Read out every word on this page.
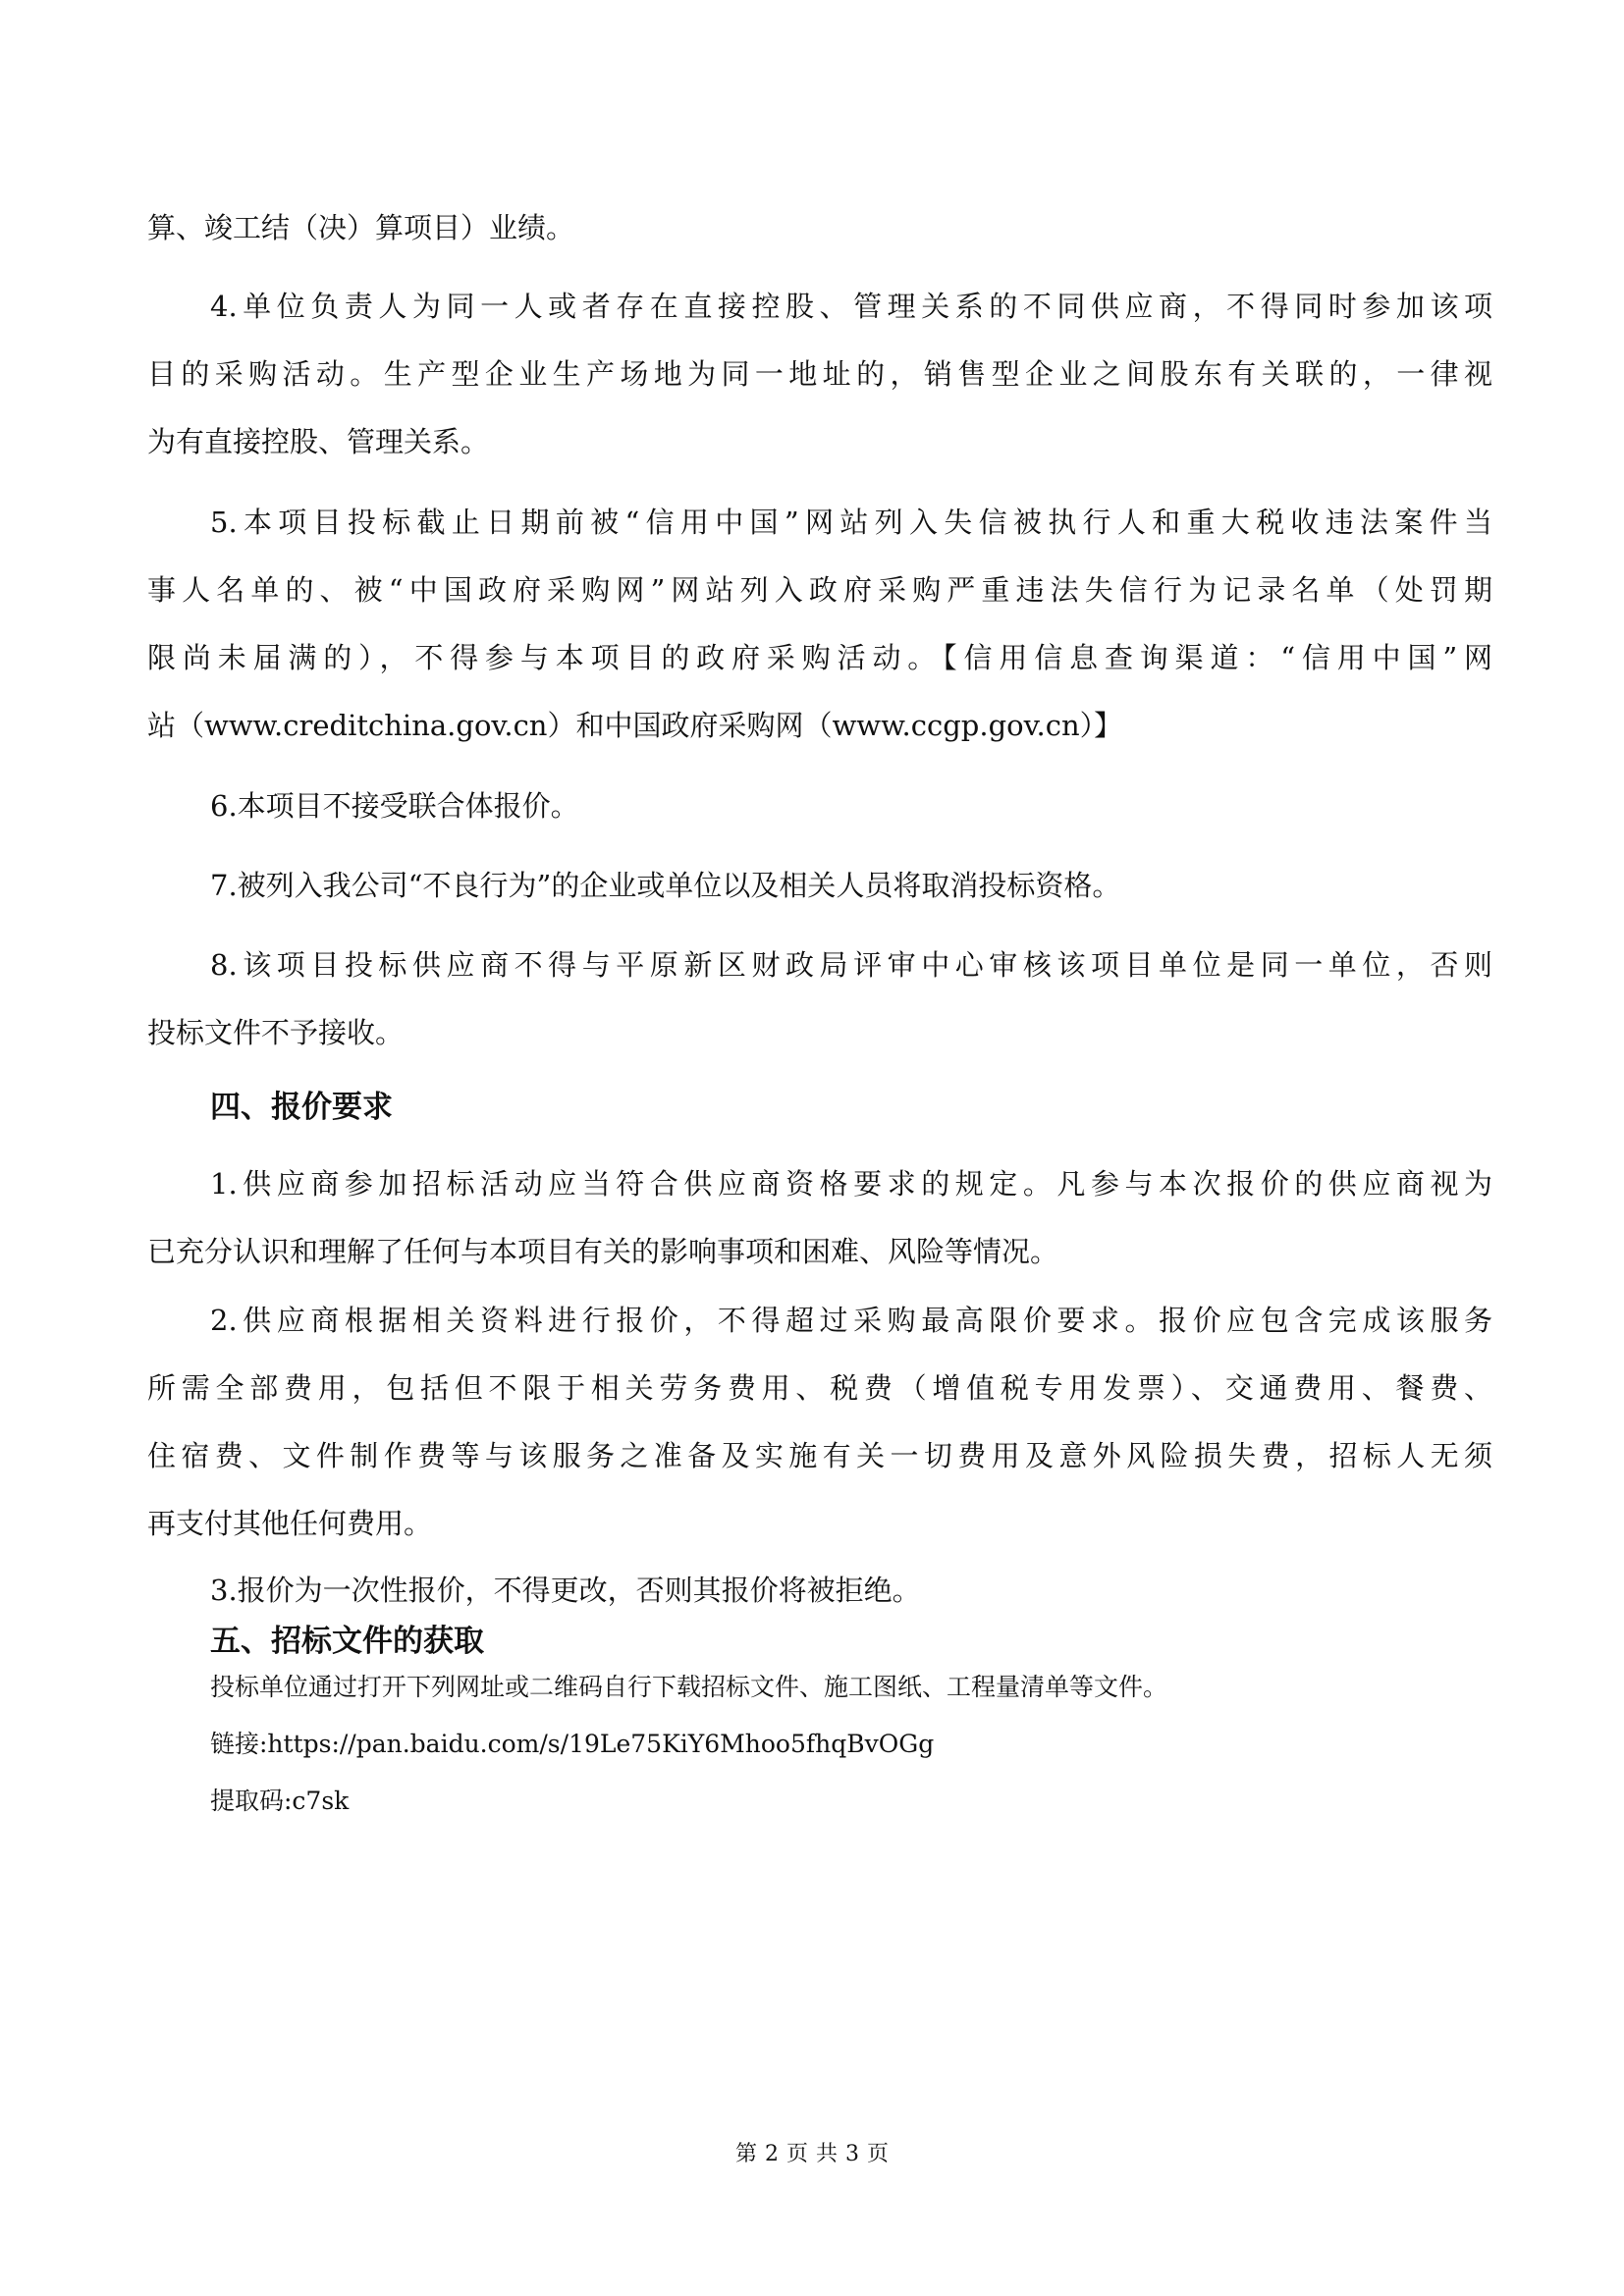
算、竣工结（决）算项目）业绩。
4.单位负责人为同一人或者存在直接控股、管理关系的不同供应商，不得同时参加该项
目的采购活动。生产型企业生产场地为同一地址的，销售型企业之间股东有关联的，一律视
为有直接控股、管理关系。
5.本项目投标截止日期前被“信用中国”网站列入失信被执行人和重大税收违法案件当
事人名单的、被“中国政府采购网”网站列入政府采购严重违法失信行为记录名单（处罚期
限尚未届满的），不得参与本项目的政府采购活动。【信用信息查询渠道：“信用中国”网
站（www.creditchina.gov.cn）和中国政府采购网（www.ccgp.gov.cn）】
6.本项目不接受联合体报价。
7.被列入我公司“不良行为”的企业或单位以及相关人员将取消投标资格。
8.该项目投标供应商不得与平原新区财政局评审中心审核该项目单位是同一单位，否则
投标文件不予接收。
四、报价要求
1.供应商参加招标活动应当符合供应商资格要求的规定。凡参与本次报价的供应商视为
已充分认识和理解了任何与本项目有关的影响事项和困难、风险等情况。
2.供应商根据相关资料进行报价，不得超过采购最高限价要求。报价应包含完成该服务
所需全部费用，包括但不限于相关劳务费用、税费（增值税专用发票）、交通费用、餐费、
住宿费、文件制作费等与该服务之准备及实施有关一切费用及意外风险损失费，招标人无须
再支付其他任何费用。
3.报价为一次性报价，不得更改，否则其报价将被拒绝。
五、招标文件的获取
投标单位通过打开下列网址或二维码自行下载招标文件、施工图纸、工程量清单等文件。
链接:https://pan.baidu.com/s/19Le75KiY6Mhoo5fhqBvOGg
提取码:c7sk
第 2 页 共 3 页
